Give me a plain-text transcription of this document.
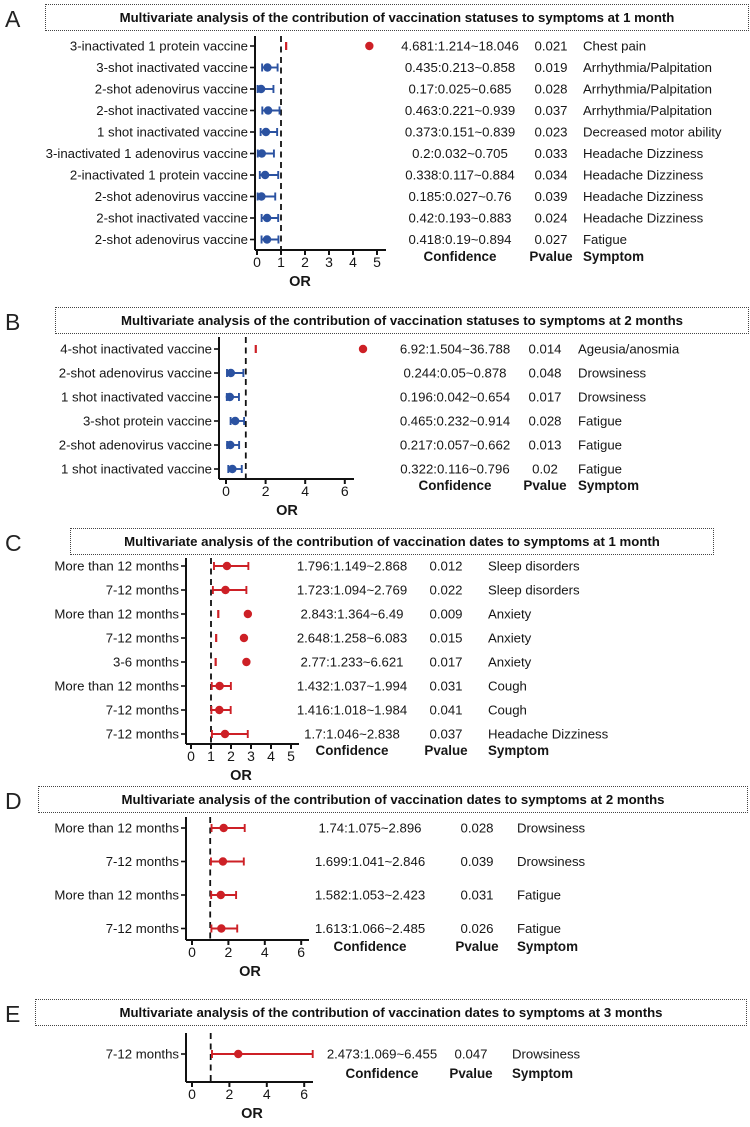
A	Multivariate analysis of the contribution of vaccination statuses to symptoms at 1 month
3-inactivated 1 protein vaccine	4.681:1.214~18.046 0.021 Chest pain
3-shot inactivated vaccine	0.435:0.213~0.858 0.019 Arrhythmia/Palpitation
2-shot adenovirus vaccine	0.17:0.025~0.685 0.028 Arrhythmia/Palpitation
2-shot inactivated vaccine	0.463:0.221~0.939 0.037 Arrhythmia/Palpitation
1 shot inactivated vaccine	0.373:0.151~0.839 0.023 Decreased motor ability
3-inactivated 1 adenovirus vaccine	0.2:0.032~0.705 0.033 Headache Dizziness
2-inactivated 1 protein vaccine	0.338:0.117~0.884 0.034 Headache Dizziness
2-shot adenovirus vaccine	0.185:0.027~0.76 0.039 Headache Dizziness
2-shot inactivated vaccine	0.42:0.193~0.883 0.024 Headache Dizziness
2-shot adenovirus vaccine	0.418:0.19~0.894 0.027 Fatigue
0 1 2 3 4 5
OR
Confidence Pvalue Symptom
B	Multivariate analysis of the contribution of vaccination statuses to symptoms at 2 months
4-shot inactivated vaccine	6.92:1.504~36.788 0.014 Ageusia/anosmia
2-shot adenovirus vaccine	0.244:0.05~0.878 0.048 Drowsiness
1 shot inactivated vaccine	0.196:0.042~0.654 0.017 Drowsiness
3-shot protein vaccine	0.465:0.232~0.914 0.028 Fatigue
2-shot adenovirus vaccine	0.217:0.057~0.662 0.013 Fatigue
1 shot inactivated vaccine	0.322:0.116~0.796 0.02 Fatigue
0 2 4 6
OR
Confidence Pvalue Symptom
C	Multivariate analysis of the contribution of vaccination dates to symptoms at 1 month
More than 12 months	1.796:1.149~2.868 0.012 Sleep disorders
7-12 months	1.723:1.094~2.769 0.022 Sleep disorders
More than 12 months	2.843:1.364~6.49 0.009 Anxiety
7-12 months	2.648:1.258~6.083 0.015 Anxiety
3-6 months	2.77:1.233~6.621 0.017 Anxiety
More than 12 months	1.432:1.037~1.994 0.031 Cough
7-12 months	1.416:1.018~1.984 0.041 Cough
7-12 months	1.7:1.046~2.838 0.037 Headache Dizziness
0 1 2 3 4 5
OR
Confidence	Pvalue Symptom
D	Multivariate analysis of the contribution of vaccination dates to symptoms at 2 months
More than 12 months	1.74:1.075~2.896	0.028 Drowsiness
7-12 months	1.699:1.041~2.846	0.039 Drowsiness
More than 12 months	1.582:1.053~2.423	0.031 Fatigue
7-12 months	1.613:1.066~2.485	0.026 Fatigue
0 2 4 6
OR
Confidence	Pvalue Symptom
E	Multivariate analysis of the contribution of vaccination dates to symptoms at 3 months
7-12 months	2.473:1.069~6.455 0.047 Drowsiness
0 2 4 6
OR
Confidence Pvalue Symptom
